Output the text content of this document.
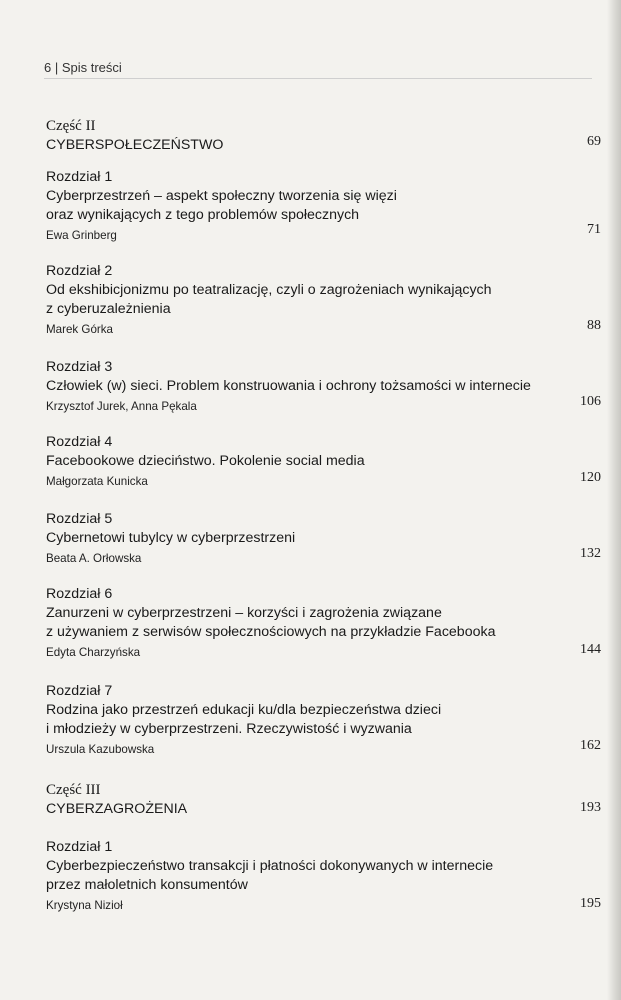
6 | Spis treści
Część II
CYBERSPOŁECZEŃSTWO	69
Rozdział 1
Cyberprzestrzeń – aspekt społeczny tworzenia się więzi
oraz wynikających z tego problemów społecznych
Ewa Grinberg	71
Rozdział 2
Od ekshibicjonizmu po teatralizację, czyli o zagrożeniach wynikających
z cyberuzależnienia
Marek Górka	88
Rozdział 3
Człowiek (w) sieci. Problem konstruowania i ochrony tożsamości w internecie
Krzysztof Jurek, Anna Pękala	106
Rozdział 4
Facebookowe dzieciństwo. Pokolenie social media
Małgorzata Kunicka	120
Rozdział 5
Cybernetowi tubylcy w cyberprzestrzeni
Beata A. Orłowska	132
Rozdział 6
Zanurzeni w cyberprzestrzeni – korzyści i zagrożenia związane
z używaniem z serwisów społecznościowych na przykładzie Facebooka
Edyta Charzyńska	144
Rozdział 7
Rodzina jako przestrzeń edukacji ku/dla bezpieczeństwa dzieci
i młodzieży w cyberprzestrzeni. Rzeczywistość i wyzwania
Urszula Kazubowska	162
Część III
CYBERZAGROŻENIA	193
Rozdział 1
Cyberbezpieczeństwo transakcji i płatności dokonywanych w internecie
przez małoletnich konsumentów
Krystyna Nizioł	195
